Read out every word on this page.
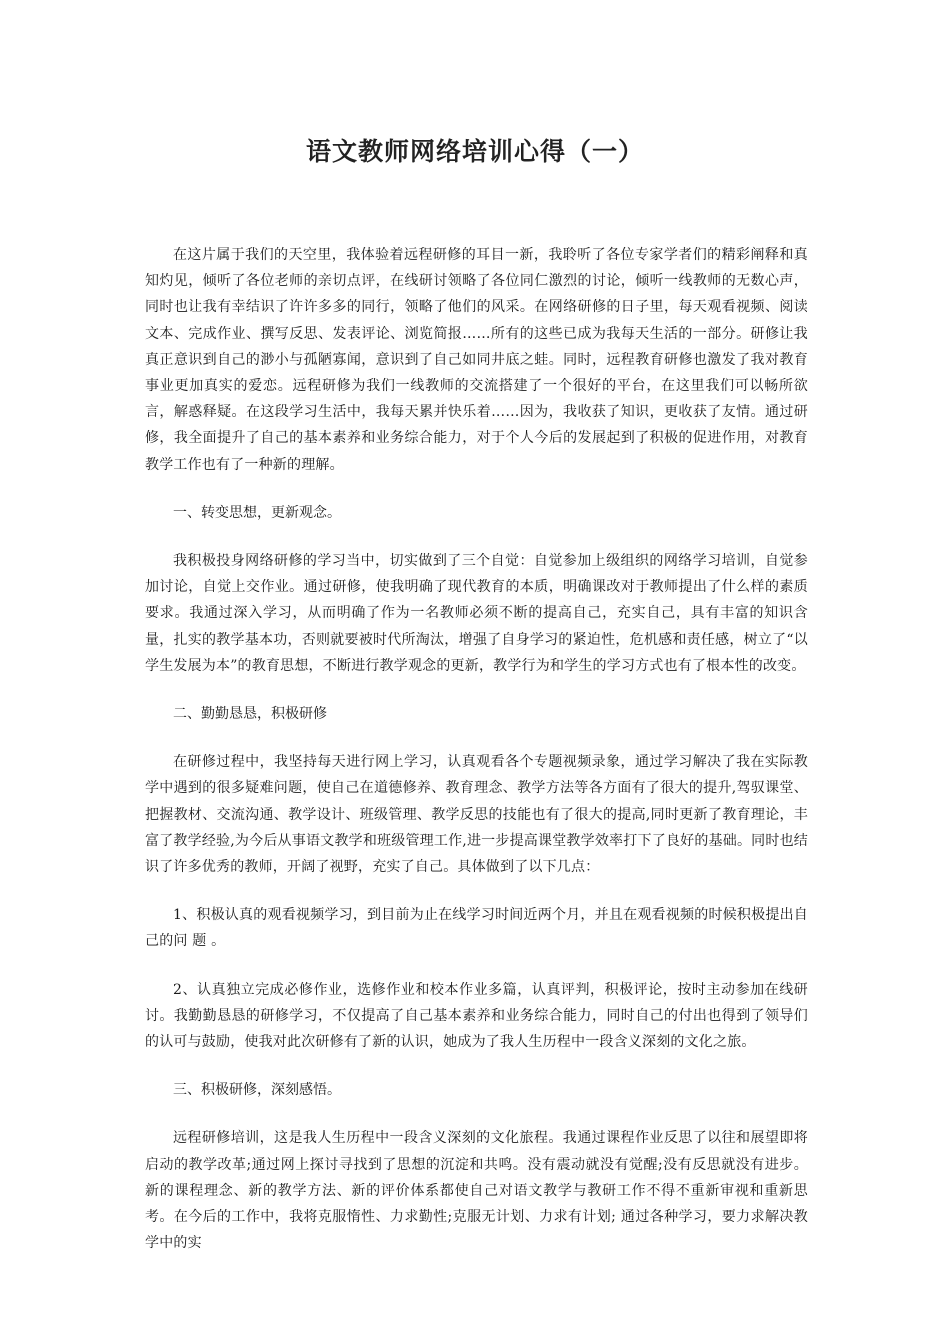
语文教师网络培训心得（一）

在这片属于我们的天空里，我体验着远程研修的耳目一新，我聆听了各位专家学者们的精彩阐释和真知灼见，倾听了各位老师的亲切点评，在线研讨领略了各位同仁激烈的讨论，倾听一线教师的无数心声，同时也让我有幸结识了许许多多的同行，领略了他们的风采。在网络研修的日子里，每天观看视频、阅读文本、完成作业、撰写反思、发表评论、浏览简报……所有的这些已成为我每天生活的一部分。研修让我真正意识到自己的渺小与孤陋寡闻，意识到了自己如同井底之蛙。同时，远程教育研修也激发了我对教育事业更加真实的爱恋。远程研修为我们一线教师的交流搭建了一个很好的平台，在这里我们可以畅所欲言，解惑释疑。在这段学习生活中，我每天累并快乐着……因为，我收获了知识，更收获了友情。通过研修，我全面提升了自己的基本素养和业务综合能力，对于个人今后的发展起到了积极的促进作用，对教育教学工作也有了一种新的理解。

一、转变思想，更新观念。

我积极投身网络研修的学习当中，切实做到了三个自觉：自觉参加上级组织的网络学习培训，自觉参加讨论，自觉上交作业。通过研修，使我明确了现代教育的本质，明确课改对于教师提出了什么样的素质要求。我通过深入学习，从而明确了作为一名教师必须不断的提高自己，充实自己，具有丰富的知识含量，扎实的教学基本功，否则就要被时代所淘汰，增强了自身学习的紧迫性，危机感和责任感，树立了“以学生发展为本”的教育思想，不断进行教学观念的更新，教学行为和学生的学习方式也有了根本性的改变。

二、勤勤恳恳，积极研修

在研修过程中，我坚持每天进行网上学习，认真观看各个专题视频录象，通过学习解决了我在实际教学中遇到的很多疑难问题，使自己在道德修养、教育理念、教学方法等各方面有了很大的提升,驾驭课堂、把握教材、交流沟通、教学设计、班级管理、教学反思的技能也有了很大的提高,同时更新了教育理论，丰富了教学经验,为今后从事语文教学和班级管理工作,进一步提高课堂教学效率打下了良好的基础。同时也结识了许多优秀的教师，开阔了视野，充实了自己。具体做到了以下几点：

1、积极认真的观看视频学习，到目前为止在线学习时间近两个月，并且在观看视频的时候积极提出自己的问 题 。

2、认真独立完成必修作业，选修作业和校本作业多篇，认真评判，积极评论，按时主动参加在线研讨。我勤勤恳恳的研修学习，不仅提高了自己基本素养和业务综合能力，同时自己的付出也得到了领导们的认可与鼓励，使我对此次研修有了新的认识，她成为了我人生历程中一段含义深刻的文化之旅。

三、积极研修，深刻感悟。

远程研修培训，这是我人生历程中一段含义深刻的文化旅程。我通过课程作业反思了以往和展望即将启动的教学改革;通过网上探讨寻找到了思想的沉淀和共鸣。没有震动就没有觉醒;没有反思就没有进步。新的课程理念、新的教学方法、新的评价体系都使自己对语文教学与教研工作不得不重新审视和重新思考。在今后的工作中，我将克服惰性、力求勤性;克服无计划、力求有计划; 通过各种学习，要力求解决教学中的实
